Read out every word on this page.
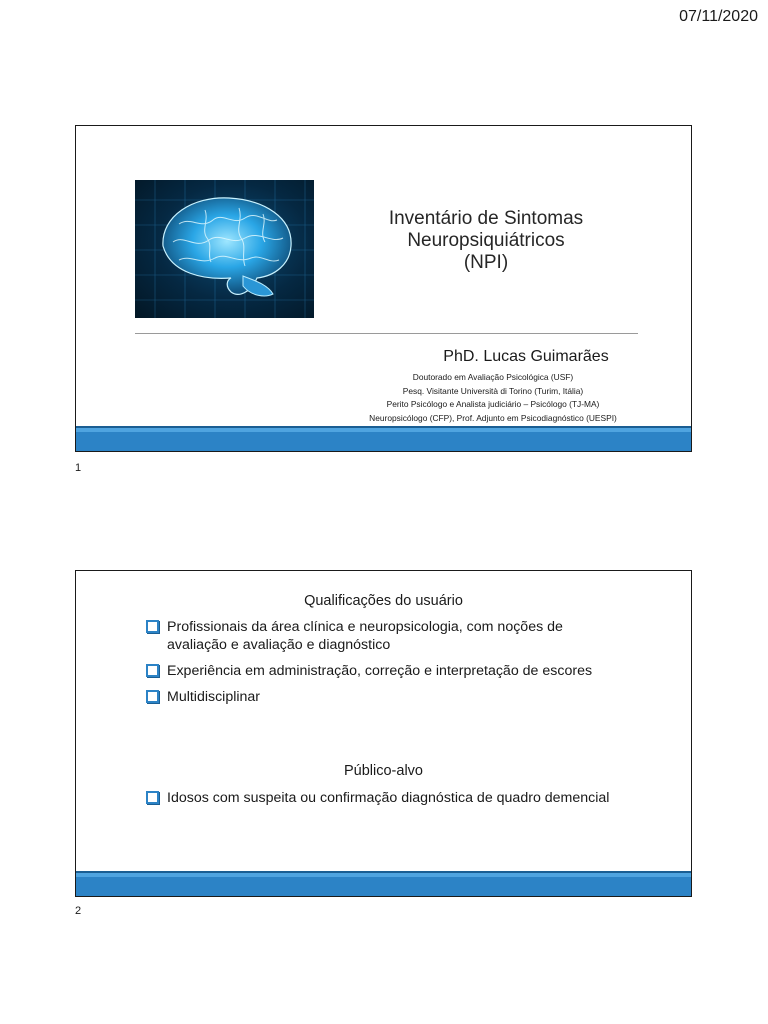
07/11/2020
Inventário de Sintomas
Neuropsiquiátricos
(NPI)
PhD. Lucas Guimarães
Doutorado em Avaliação Psicológica (USF)
Pesq. Visitante Università di Torino (Turim, Itália)
Perito Psicólogo e Analista judiciário – Psicólogo (TJ-MA)
Neuropsicólogo (CFP), Prof. Adjunto em Psicodiagnóstico (UESPI)
1
Qualificações do usuário
Profissionais da área clínica e neuropsicologia, com noções de avaliação e avaliação e diagnóstico
Experiência em administração, correção e interpretação de escores
Multidisciplinar
Público-alvo
Idosos com suspeita ou confirmação diagnóstica de quadro demencial
2
